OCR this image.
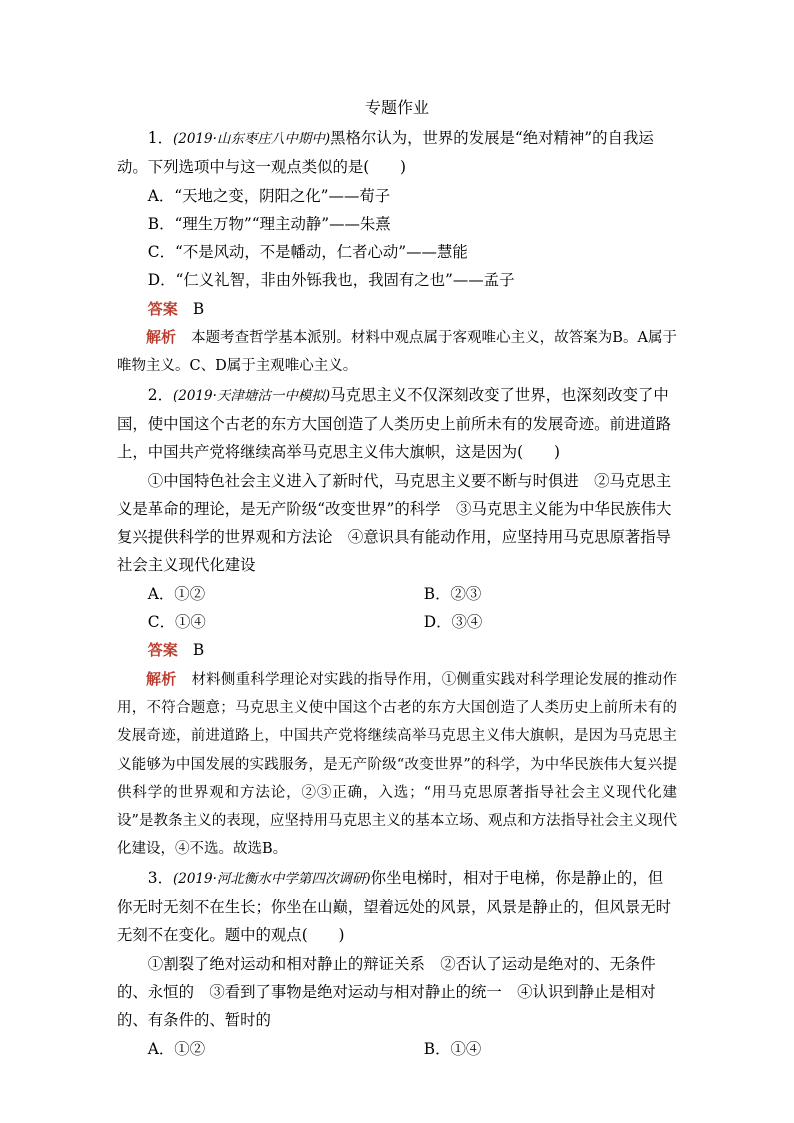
专题作业

1．(2019·山东枣庄八中期中)黑格尔认为，世界的发展是“绝对精神”的自我运动。下列选项中与这一观点类似的是(　　)

A．“天地之变，阴阳之化”——荀子
B．“理生万物”“理主动静”——朱熹
C．“不是风动，不是幡动，仁者心动”——慧能
D．“仁义礼智，非由外铄我也，我固有之也”——孟子
答案 B

解析 本题考查哲学基本派别。材料中观点属于客观唯心主义，故答案为B。A属于唯物主义。C、D属于主观唯心主义。

2．(2019·天津塘沽一中模拟)马克思主义不仅深刻改变了世界，也深刻改变了中国，使中国这个古老的东方大国创造了人类历史上前所未有的发展奇迹。前进道路上，中国共产党将继续高举马克思主义伟大旗帜，这是因为(　　)

①中国特色社会主义进入了新时代，马克思主义要不断与时俱进　②马克思主义是革命的理论，是无产阶级“改变世界”的科学　③马克思主义能为中华民族伟大复兴提供科学的世界观和方法论　④意识具有能动作用，应坚持用马克思原著指导社会主义现代化建设

A．①②	B．②③
C．①④	D．③④
答案 B

解析 材料侧重科学理论对实践的指导作用，①侧重实践对科学理论发展的推动作用，不符合题意；马克思主义使中国这个古老的东方大国创造了人类历史上前所未有的发展奇迹，前进道路上，中国共产党将继续高举马克思主义伟大旗帜，是因为马克思主义能够为中国发展的实践服务，是无产阶级“改变世界”的科学，为中华民族伟大复兴提供科学的世界观和方法论，②③正确，入选；“用马克思原著指导社会主义现代化建设”是教条主义的表现，应坚持用马克思主义的基本立场、观点和方法指导社会主义现代化建设，④不选。故选B。

3．(2019·河北衡水中学第四次调研)你坐电梯时，相对于电梯，你是静止的，但你无时无刻不在生长；你坐在山巅，望着远处的风景，风景是静止的，但风景无时无刻不在变化。题中的观点(　　)

①割裂了绝对运动和相对静止的辩证关系　②否认了运动是绝对的、无条件的、永恒的　③看到了事物是绝对运动与相对静止的统一　④认识到静止是相对的、有条件的、暂时的

A．①②	B．①④
